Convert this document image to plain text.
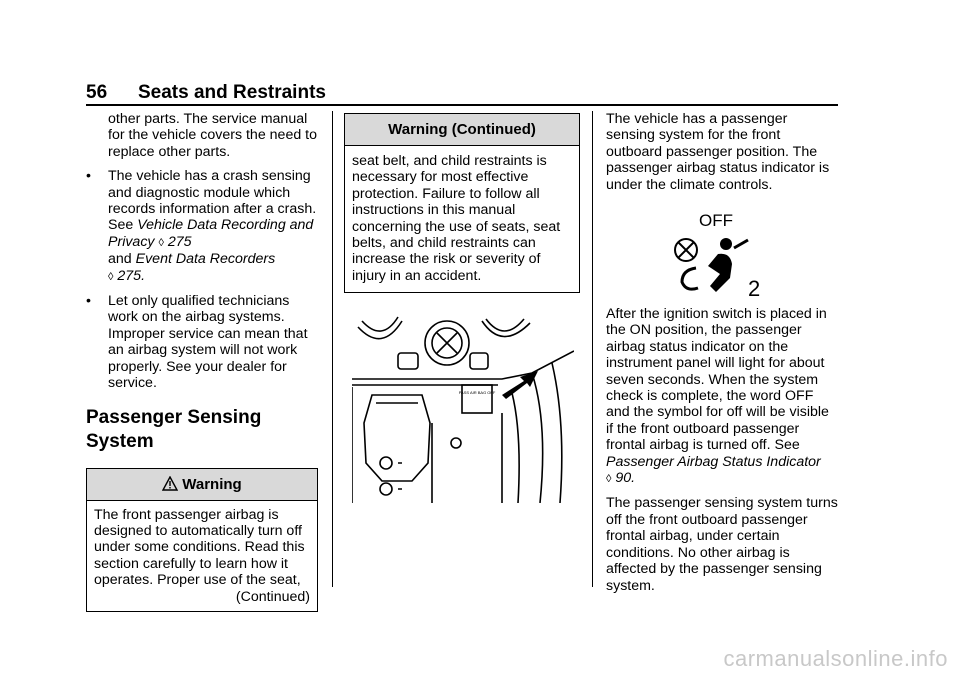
56 Seats and Restraints
other parts. The service manual for the vehicle covers the need to replace other parts.
• The vehicle has a crash sensing and diagnostic module which records information after a crash. See Vehicle Data Recording and Privacy ◊ 275
and Event Data Recorders
◊ 275.
• Let only qualified technicians work on the airbag systems. Improper service can mean that an airbag system will not work properly. See your dealer for service.
Passenger Sensing System
Warning
The front passenger airbag is designed to automatically turn off under some conditions. Read this section carefully to learn how it operates. Proper use of the seat,
(Continued)
Warning (Continued)
seat belt, and child restraints is necessary for most effective protection. Failure to follow all instructions in this manual concerning the use of seats, seat belts, and child restraints can increase the risk or severity of injury in an accident.
PASS AIR BAG OFF

The vehicle has a passenger sensing system for the front outboard passenger position. The passenger airbag status indicator is under the climate controls.

OFF
2

After the ignition switch is placed in the ON position, the passenger airbag status indicator on the instrument panel will light for about seven seconds. When the system check is complete, the word OFF and the symbol for off will be visible if the front outboard passenger frontal airbag is turned off. See Passenger Airbag Status Indicator
◊ 90.

The passenger sensing system turns off the front outboard passenger frontal airbag, under certain conditions. No other airbag is affected by the passenger sensing system.

carmanualsonline.info
